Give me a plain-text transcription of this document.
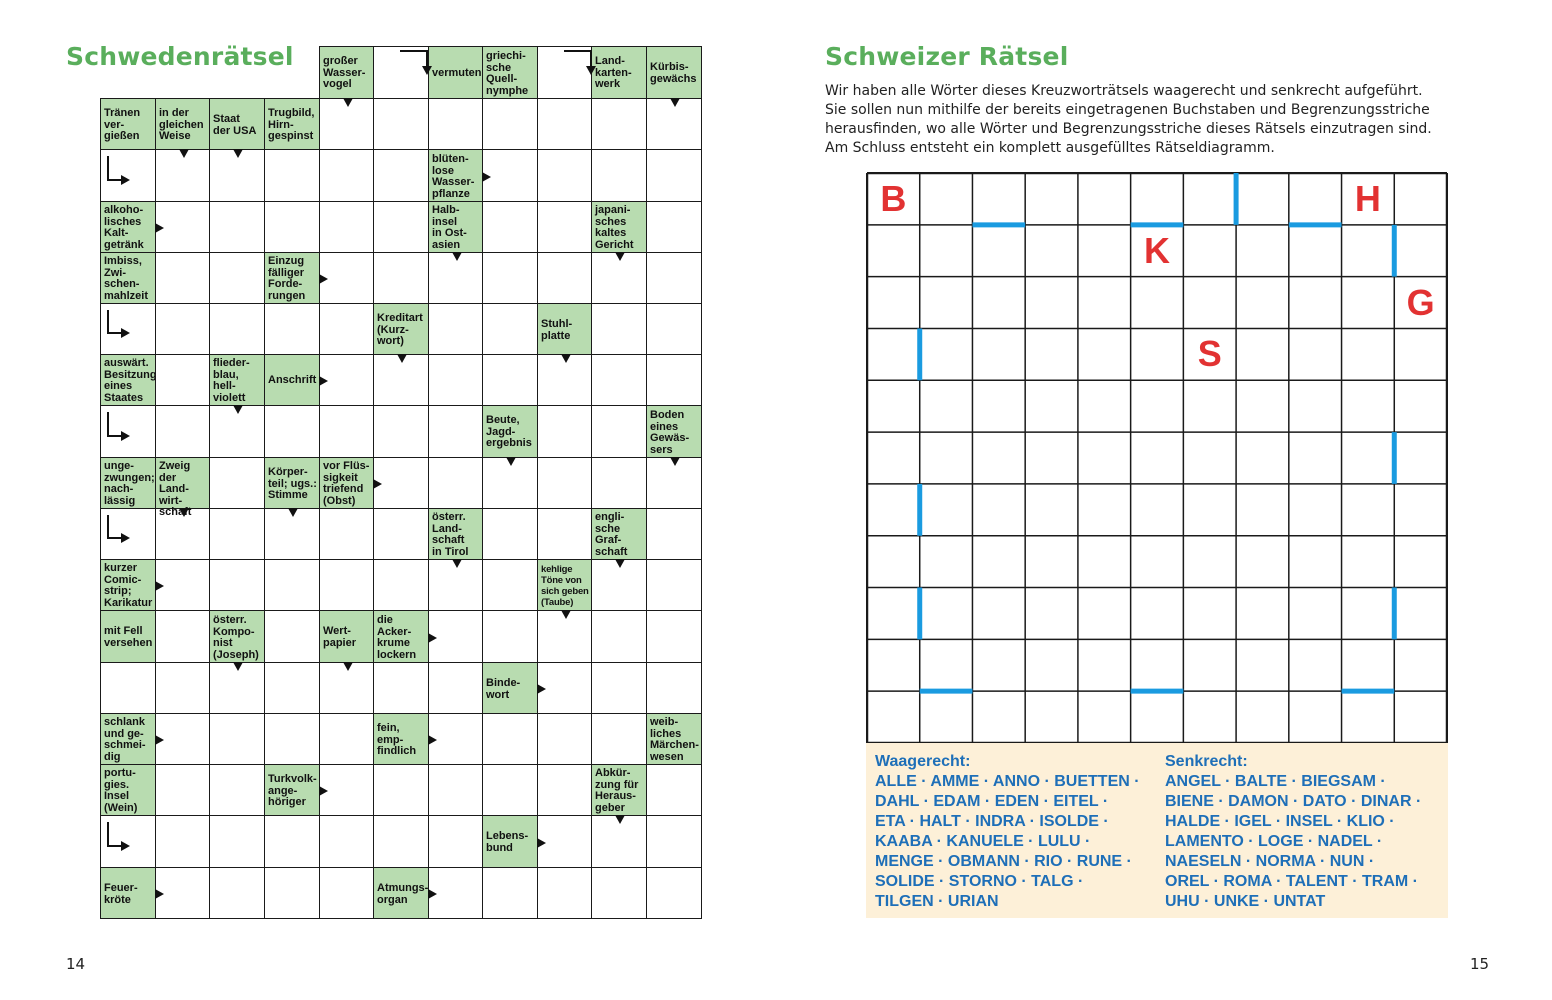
Schwedenrätsel	großer
Wasser-
vogel
vermuten
griechi-
sche
Quell-
nymphe
Land-
karten-
werk
Kürbis-
gewächs
Tränen
ver-
gießen
in der
gleichen
Weise
Staat
der USA
Trugbild,
Hirn-
gespinst
blüten-
lose
Wasser-
pflanze
alkoho-
lisches
Kalt-
getränk
Halb-
insel
in Ost-
asien
japani-
sches
kaltes
Gericht
Imbiss,
Zwi-
schen-
mahlzeit
Einzug
fälliger
Forde-
rungen
Kreditart
(Kurz-
wort)
Stuhl-
platte
auswärt.
Besitzung
eines
Staates
flieder-
blau,
hell-
violett
Anschrift
Beute,
Jagd-
ergebnis
Boden
eines
Gewäs-
sers
unge-
zwungen;
nach-
lässig
Zweig
der Land-
wirt-
schaft
Körper-
teil; ugs.:
Stimme
vor Flüs-
sigkeit
triefend
(Obst)
österr.
Land-
schaft
in Tirol
engli-
sche
Graf-
schaft
kurzer
Comic-
strip;
Karikatur
kehlige
Töne von
sich geben
(Taube)
mit Fell
versehen
österr.
Kompo-
nist
(Joseph)
Wert-
papier
die
Acker-
krume
lockern
Binde-
wort
schlank
und ge-
schmei-
dig
fein,
emp-
findlich
weib-
liches
Märchen-
wesen
portu-
gies.
Insel
(Wein)
Turkvolk-
ange-
höriger
Abkür-
zung für
Heraus-
geber
Lebens-
bund
Feuer-
kröte
Atmungs-
organ
14
Schweizer Rätsel
Wir haben alle Wörter dieses Kreuzworträtsels waagerecht und senkrecht aufgeführt.
Sie sollen nun mithilfe der bereits eingetragenen Buchstaben und Begrenzungsstriche
herausfinden, wo alle Wörter und Begrenzungsstriche dieses Rätsels einzutragen sind.
Am Schluss entsteht ein komplett ausgefülltes Rätseldiagramm.
B	H
K
G
S
Waagerecht:
ALLE · AMME · ANNO · BUETTEN ·
DAHL · EDAM · EDEN · EITEL ·
ETA · HALT · INDRA · ISOLDE ·
KAABA · KANUELE · LULU ·
MENGE · OBMANN · RIO · RUNE ·
SOLIDE · STORNO · TALG ·
TILGEN · URIAN
Senkrecht:
ANGEL · BALTE · BIEGSAM ·
BIENE · DAMON · DATO · DINAR ·
HALDE · IGEL · INSEL · KLIO ·
LAMENTO · LOGE · NADEL ·
NAESELN · NORMA · NUN ·
OREL · ROMA · TALENT · TRAM ·
UHU · UNKE · UNTAT
15
